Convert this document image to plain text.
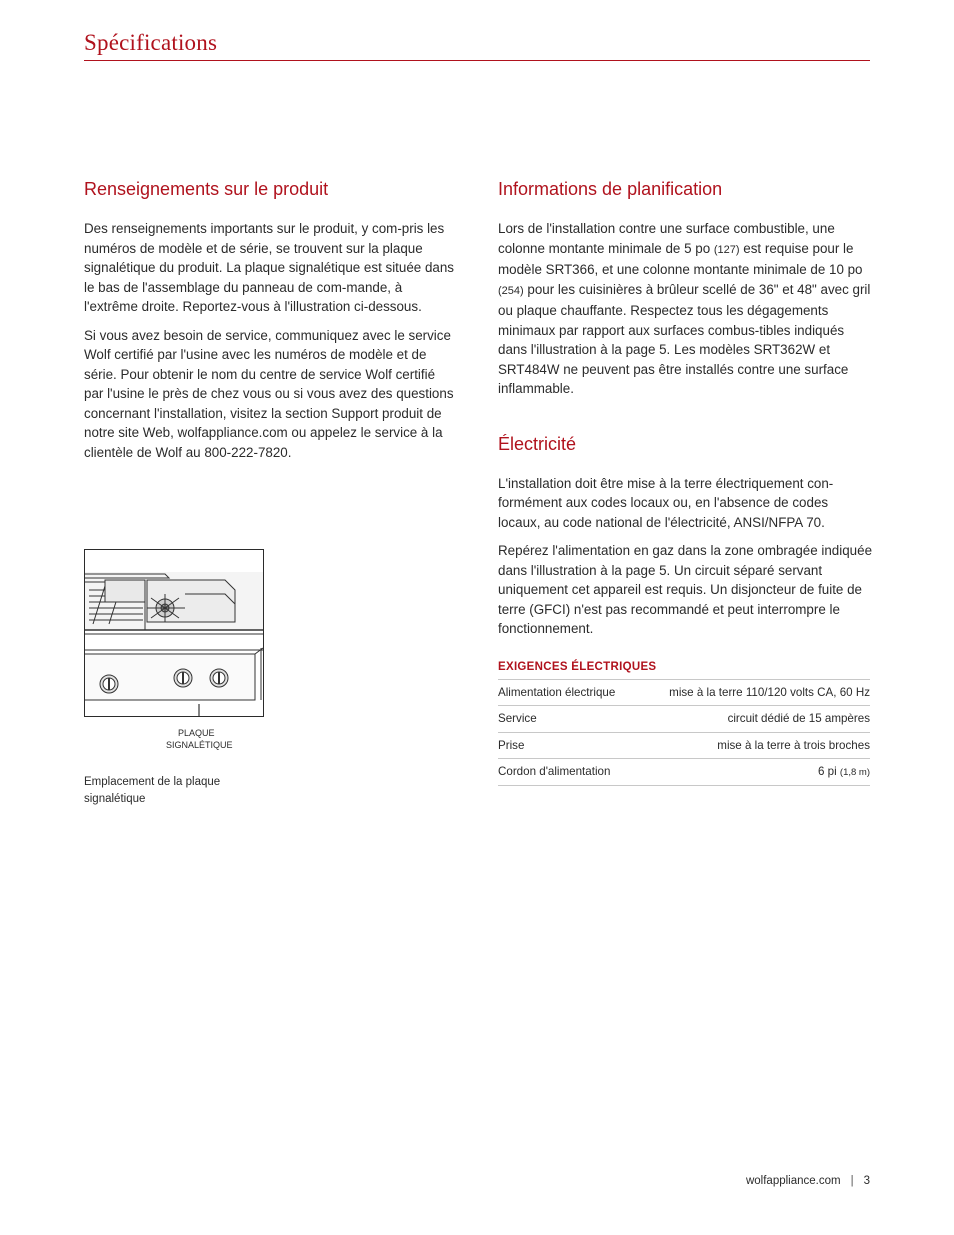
Spécifications
Renseignements sur le produit

Des renseignements importants sur le produit, y com-pris les numéros de modèle et de série, se trouvent sur la plaque signalétique du produit. La plaque signalétique est située dans le bas de l'assemblage du panneau de com-mande, à l'extrême droite. Reportez-vous à l'illustration ci-dessous.

Si vous avez besoin de service, communiquez avec le service Wolf certifié par l'usine avec les numéros de modèle et de série. Pour obtenir le nom du centre de service Wolf certifié par l'usine le près de chez vous ou si vous avez des questions concernant l'installation, visitez la section Support produit de notre site Web, wolfappliance.com ou appelez le service à la clientèle de Wolf au 800-222-7820.

PLAQUE
SIGNALÉTIQUE
Emplacement de la plaque signalétique
Informations de planification

Lors de l'installation contre une surface combustible, une colonne montante minimale de 5 po (127) est requise pour le modèle SRT366, et une colonne montante minimale de 10 po (254) pour les cuisinières à brûleur scellé de 36" et 48" avec gril ou plaque chauffante. Respectez tous les dégagements minimaux par rapport aux surfaces combus-tibles indiqués dans l'illustration à la page 5. Les modèles SRT362W et SRT484W ne peuvent pas être installés contre une surface inflammable.

Électricité

L'installation doit être mise à la terre électriquement con-formément aux codes locaux ou, en l'absence de codes locaux, au code national de l'électricité, ANSI/NFPA 70.

Repérez l'alimentation en gaz dans la zone ombragée indiquée dans l'illustration à la page 5. Un circuit séparé servant uniquement cet appareil est requis. Un disjoncteur de fuite de terre (GFCI) n'est pas recommandé et peut interrompre le fonctionnement.

EXIGENCES ÉLECTRIQUES
Alimentation électrique	mise à la terre 110/120 volts CA, 60 Hz
Service	circuit dédié de 15 ampères
Prise	mise à la terre à trois broches
Cordon d'alimentation	6 pi (1,8 m)
wolfappliance.com | 3
